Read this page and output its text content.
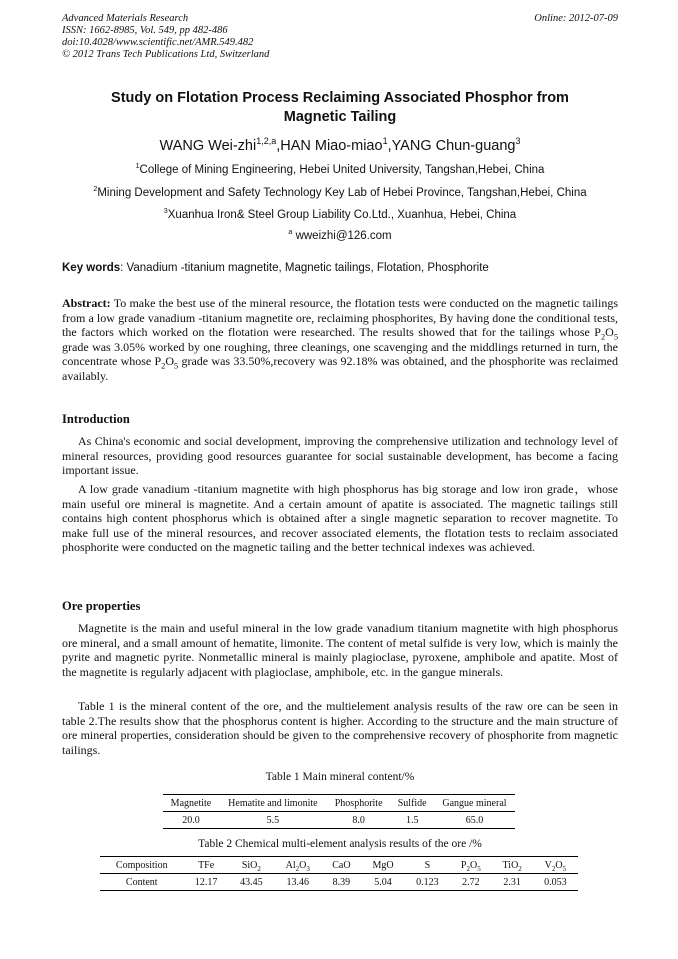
Advanced Materials Research
ISSN: 1662-8985, Vol. 549, pp 482-486
doi:10.4028/www.scientific.net/AMR.549.482
© 2012 Trans Tech Publications Ltd, Switzerland
Online: 2012-07-09
Study on Flotation Process Reclaiming Associated Phosphor from
Magnetic Tailing
WANG Wei-zhi$^{1,2,a}$,HAN Miao-miao$^1$,YANG Chun-guang$^3$
$^1$College of Mining Engineering, Hebei United University, Tangshan,Hebei, China
$^2$Mining Development and Safety Technology Key Lab of Hebei Province, Tangshan,Hebei, China
$^3$Xuanhua Iron& Steel Group Liability Co.Ltd., Xuanhua, Hebei, China
$^a$ wweizhi@126.com
Key words: Vanadium -titanium magnetite, Magnetic tailings, Flotation, Phosphorite

Abstract: To make the best use of the mineral resource, the flotation tests were conducted on the magnetic tailings from a low grade vanadium -titanium magnetite ore, reclaiming phosphorites, By having done the conditional tests, the factors which worked on the flotation were researched. The results showed that for the tailings whose $P_2O_5$ grade was 3.05% worked by one roughing, three cleanings, one scavenging and the middlings returned in turn, the concentrate whose $P_2O_5$ grade was 33.50%,recovery was 92.18% was obtained, and the phosphorite was reclaimed availably.

Introduction

As China's economic and social development, improving the comprehensive utilization and technology level of mineral resources, providing good resources guarantee for social sustainable development, has become a facing important issue.

A low grade vanadium -titanium magnetite with high phosphorus has big storage and low iron grade，whose main useful ore mineral is magnetite. And a certain amount of apatite is associated. The magnetic tailings still contains high content phosphorus which is obtained after a single magnetic separation to recover magnetite. To make full use of the mineral resources, and recover associated elements, the flotation tests to reclaim associated phosphorite were conducted on the magnetic tailing and the better technical indexes was achieved.

Ore properties

Magnetite is the main and useful mineral in the low grade vanadium titanium magnetite with high phosphorus ore mineral, and a small amount of hematite, limonite. The content of metal sulfide is very low, which is mainly the pyrite and magnetic pyrite. Nonmetallic mineral is mainly plagioclase, pyroxene, amphibole and apatite. Most of the magnetite is regularly adjacent with plagioclase, amphibole, etc. in the gangue minerals.

Table 1 is the mineral content of the ore, and the multielement analysis results of the raw ore can be seen in table 2.The results show that the phosphorus content is higher. According to the structure and the main structure of ore mineral properties, consideration should be given to the comprehensive recovery of phosphorite from magnetic tailings.

Table 1 Main mineral content/%
Magnetite	Hematite and limonite	Phosphorite	Sulfide	Gangue mineral
20.0	5.5	8.0	1.5	65.0
Table 2 Chemical multi-element analysis results of the ore /%
Composition	TFe	SiO$_2$	$Al_2O_3$	CaO	MgO	S	$P_2O_5$	TiO$_2$	$V_2O_5$
Content	12.17	43.45	13.46	8.39	5.04	0.123	2.72	2.31	0.053
